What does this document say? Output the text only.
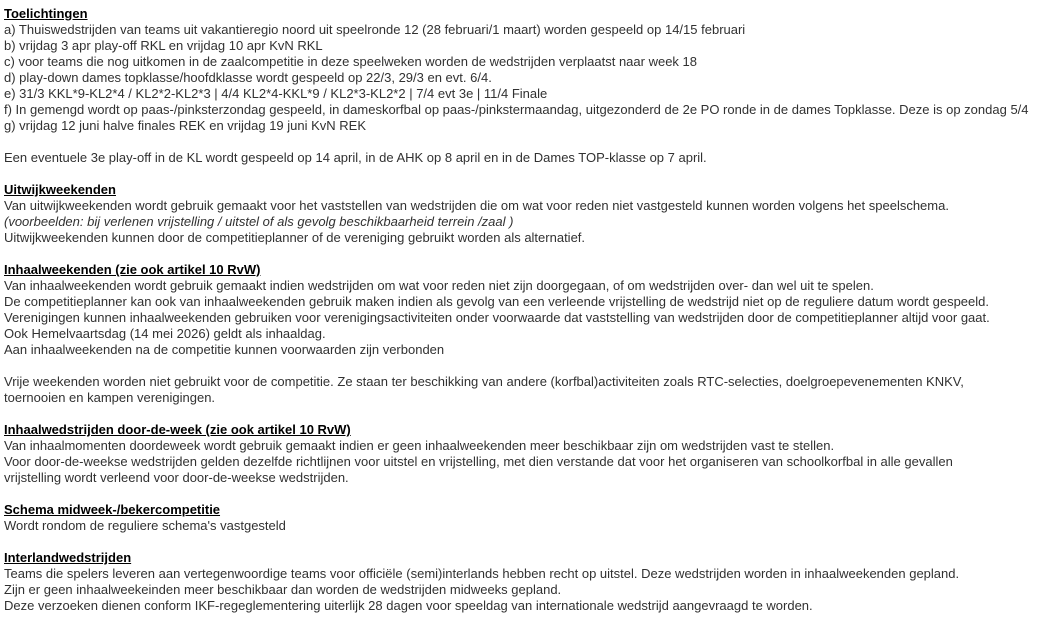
Toelichtingen
a) Thuiswedstrijden van teams uit vakantieregio noord uit speelronde 12 (28 februari/1 maart) worden gespeeld op 14/15 februari
b) vrijdag 3 apr play-off RKL en vrijdag 10 apr KvN RKL
c) voor teams die nog uitkomen in de zaalcompetitie in deze speelweken worden de wedstrijden verplaatst naar week 18
d) play-down dames topklasse/hoofdklasse wordt gespeeld op 22/3, 29/3 en evt. 6/4.
e) 31/3 KKL*9-KL2*4 / KL2*2-KL2*3 | 4/4 KL2*4-KKL*9 / KL2*3-KL2*2 | 7/4 evt 3e | 11/4 Finale
f) In gemengd wordt op paas-/pinksterzondag gespeeld, in dameskorfbal op paas-/pinkstermaandag, uitgezonderd de 2e PO ronde in de dames Topklasse. Deze is op zondag 5/4
g) vrijdag 12 juni halve finales REK en vrijdag 19 juni KvN REK
Een eventuele 3e play-off in de KL wordt gespeeld op 14 april, in de AHK op 8 april en in de Dames TOP-klasse op 7 april.
Uitwijkweekenden
Van uitwijkweekenden wordt gebruik gemaakt voor het vaststellen van wedstrijden die om wat voor reden niet vastgesteld kunnen worden volgens het speelschema.
(voorbeelden: bij verlenen vrijstelling / uitstel of als gevolg beschikbaarheid terrein /zaal )
Uitwijkweekenden kunnen door de competitieplanner of de vereniging gebruikt worden als alternatief.
Inhaalweekenden (zie ook artikel 10 RvW)
Van inhaalweekenden wordt gebruik gemaakt indien wedstrijden om wat voor reden niet zijn doorgegaan, of om wedstrijden over- dan wel uit te spelen.
De competitieplanner kan ook van inhaalweekenden gebruik maken indien als gevolg van een verleende vrijstelling de wedstrijd niet op de reguliere datum wordt gespeeld.
Verenigingen kunnen inhaalweekenden gebruiken voor verenigingsactiviteiten onder voorwaarde dat vaststelling van wedstrijden door de competitieplanner altijd voor gaat.
Ook Hemelvaartsdag (14 mei 2026) geldt als inhaaldag.
Aan inhaalweekenden na de competitie kunnen voorwaarden zijn verbonden
Vrije weekenden worden niet gebruikt voor de competitie. Ze staan ter beschikking van andere (korfbal)activiteiten zoals RTC-selecties, doelgroepevenementen KNKV,
toernooien en kampen verenigingen.
Inhaalwedstrijden door-de-week (zie ook artikel 10 RvW)
Van inhaalmomenten doordeweek wordt gebruik gemaakt indien er geen inhaalweekenden meer beschikbaar zijn om wedstrijden vast te stellen.
Voor door-de-weekse wedstrijden gelden dezelfde richtlijnen voor uitstel en vrijstelling, met dien verstande dat voor het organiseren van schoolkorfbal in alle gevallen
vrijstelling wordt verleend voor door-de-weekse wedstrijden.
Schema midweek-/bekercompetitie
Wordt rondom de reguliere schema's vastgesteld
Interlandwedstrijden
Teams die spelers leveren aan vertegenwoordige teams voor officiële (semi)interlands hebben recht op uitstel. Deze wedstrijden worden in inhaalweekenden gepland.
Zijn er geen inhaalweekeinden meer beschikbaar dan worden de wedstrijden midweeks gepland.
Deze verzoeken dienen conform IKF-regeglementering uiterlijk 28 dagen voor speeldag van internationale wedstrijd aangevraagd te worden.
